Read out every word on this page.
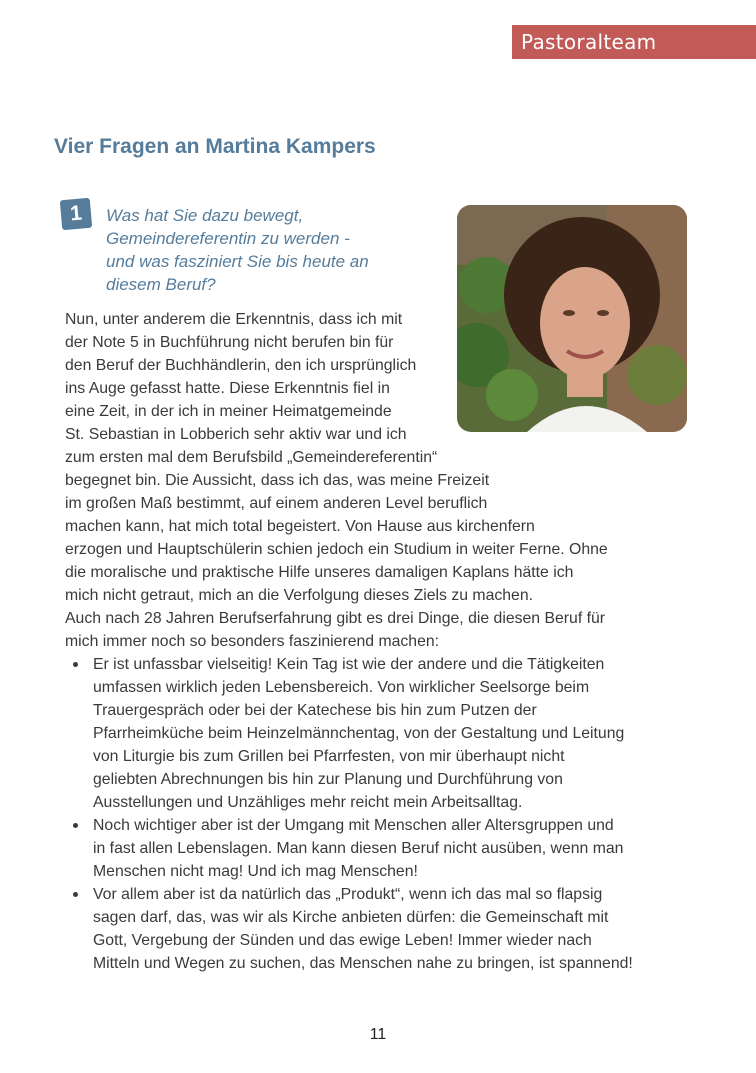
Pastoralteam
Vier Fragen an Martina Kampers
1	Was hat Sie dazu bewegt,
Gemeindereferentin zu werden -
und was fasziniert Sie bis heute an
diesem Beruf?
Nun, unter anderem die Erkenntnis, dass ich mit
der Note 5 in Buchführung nicht berufen bin für
den Beruf der Buchhändlerin, den ich ursprünglich
ins Auge gefasst hatte. Diese Erkenntnis fiel in
eine Zeit, in der ich in meiner Heimatgemeinde
St. Sebastian in Lobberich sehr aktiv war und ich
zum ersten mal dem Berufsbild „Gemeindereferentin“
begegnet bin. Die Aussicht, dass ich das, was meine Freizeit
im großen Maß bestimmt, auf einem anderen Level beruflich
machen kann, hat mich total begeistert. Von Hause aus kirchenfern
erzogen und Hauptschülerin schien jedoch ein Studium in weiter Ferne. Ohne
die moralische und praktische Hilfe unseres damaligen Kaplans hätte ich
mich nicht getraut, mich an die Verfolgung dieses Ziels zu machen.
Auch nach 28 Jahren Berufserfahrung gibt es drei Dinge, die diesen Beruf für
mich immer noch so besonders faszinierend machen:
Er ist unfassbar vielseitig! Kein Tag ist wie der andere und die Tätigkeiten
umfassen wirklich jeden Lebensbereich. Von wirklicher Seelsorge beim
Trauergespräch oder bei der Katechese bis hin zum Putzen der
Pfarrheimküche beim Heinzelmännchentag, von der Gestaltung und Leitung
von Liturgie bis zum Grillen bei Pfarrfesten, von mir überhaupt nicht
geliebten Abrechnungen bis hin zur Planung und Durchführung von
Ausstellungen und Unzähliges mehr reicht mein Arbeitsalltag.
Noch wichtiger aber ist der Umgang mit Menschen aller Altersgruppen und
in fast allen Lebenslagen. Man kann diesen Beruf nicht ausüben, wenn man
Menschen nicht mag! Und ich mag Menschen!
Vor allem aber ist da natürlich das „Produkt“, wenn ich das mal so flapsig
sagen darf, das, was wir als Kirche anbieten dürfen: die Gemeinschaft mit
Gott, Vergebung der Sünden und das ewige Leben! Immer wieder nach
Mitteln und Wegen zu suchen, das Menschen nahe zu bringen, ist spannend!
11
